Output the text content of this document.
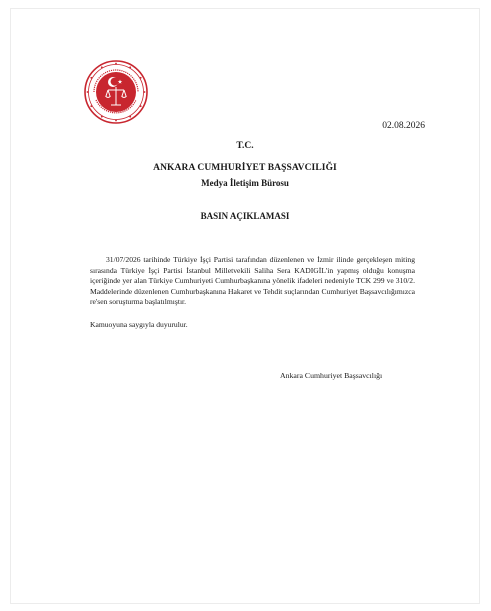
02.08.2026
T.C.
ANKARA CUMHURİYET BAŞSAVCILIĞI
Medya İletişim Bürosu
BASIN AÇIKLAMASI

31/07/2026 tarihinde Türkiye İşçi Partisi tarafından düzenlenen ve İzmir ilinde gerçekleşen miting sırasında Türkiye İşçi Partisi İstanbul Milletvekili Saliha Sera KADIGİL'in yapmış olduğu konuşma içeriğinde yer alan Türkiye Cumhuriyeti Cumhurbaşkanına yönelik ifadeleri nedeniyle TCK 299 ve 310/2. Maddelerinde düzenlenen Cumhurbaşkanına Hakaret ve Tehdit suçlarından Cumhuriyet Başsavcılığımızca re'sen soruşturma başlatılmıştır.

Kamuoyuna saygıyla duyurulur.

Ankara Cumhuriyet Başsavcılığı
